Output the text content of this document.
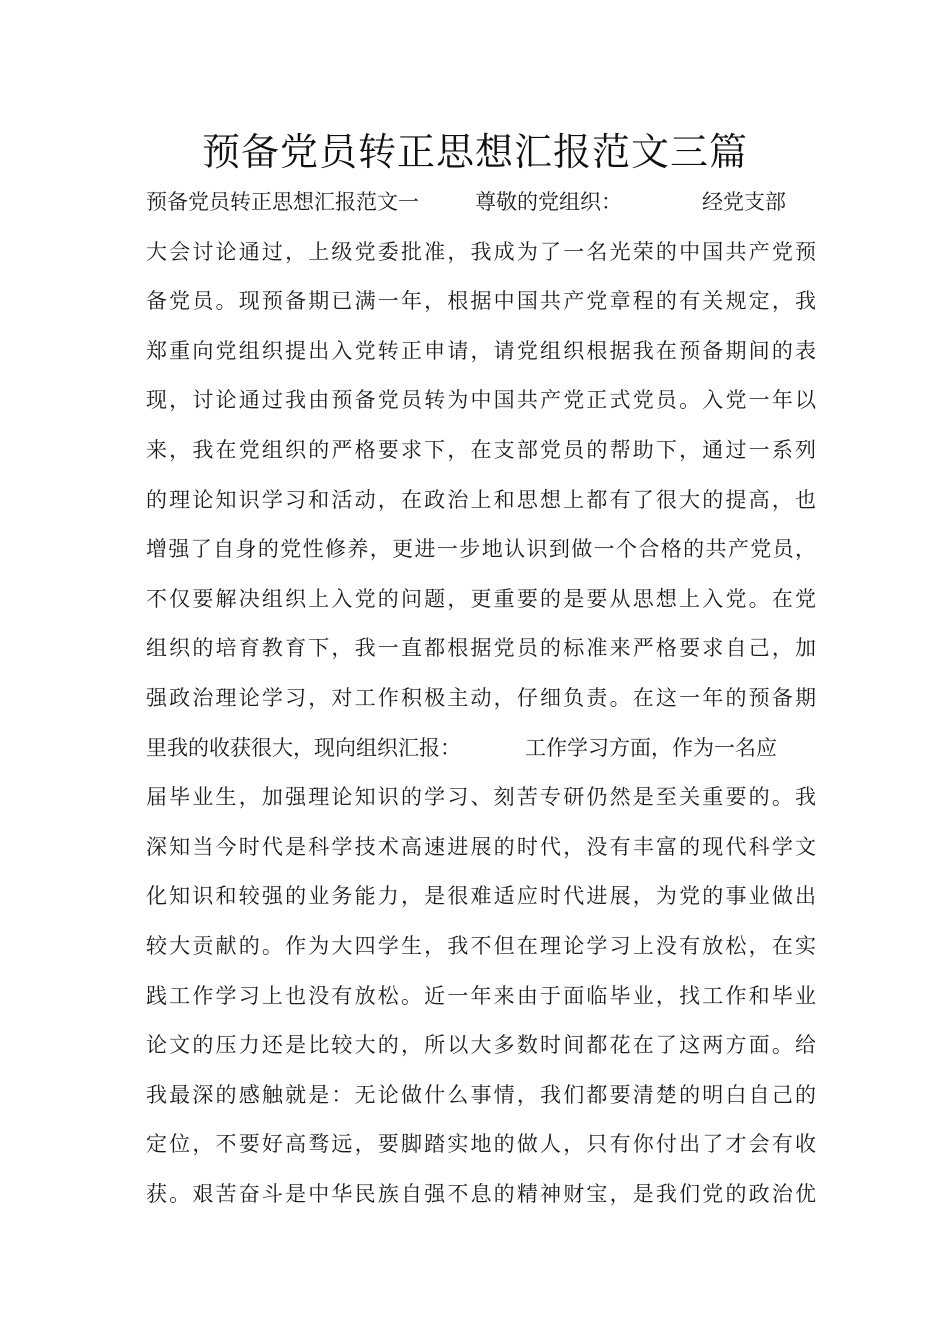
预备党员转正思想汇报范文三篇
预备党员转正思想汇报范文一	尊敬的党组织：	经党支部
大会讨论通过，上级党委批准，我成为了一名光荣的中国共产党预
备党员。现预备期已满一年，根据中国共产党章程的有关规定，我
郑重向党组织提出入党转正申请，请党组织根据我在预备期间的表
现，讨论通过我由预备党员转为中国共产党正式党员。入党一年以
来，我在党组织的严格要求下，在支部党员的帮助下，通过一系列
的理论知识学习和活动，在政治上和思想上都有了很大的提高，也
增强了自身的党性修养，更进一步地认识到做一个合格的共产党员，
不仅要解决组织上入党的问题，更重要的是要从思想上入党。在党
组织的培育教育下，我一直都根据党员的标准来严格要求自己，加
强政治理论学习，对工作积极主动，仔细负责。在这一年的预备期
里我的收获很大，现向组织汇报：	工作学习方面，作为一名应
届毕业生，加强理论知识的学习、刻苦专研仍然是至关重要的。我
深知当今时代是科学技术高速进展的时代，没有丰富的现代科学文
化知识和较强的业务能力，是很难适应时代进展，为党的事业做出
较大贡献的。作为大四学生，我不但在理论学习上没有放松，在实
践工作学习上也没有放松。近一年来由于面临毕业，找工作和毕业
论文的压力还是比较大的，所以大多数时间都花在了这两方面。给
我最深的感触就是：无论做什么事情，我们都要清楚的明白自己的
定位，不要好高骛远，要脚踏实地的做人，只有你付出了才会有收
获。艰苦奋斗是中华民族自强不息的精神财宝，是我们党的政治优
